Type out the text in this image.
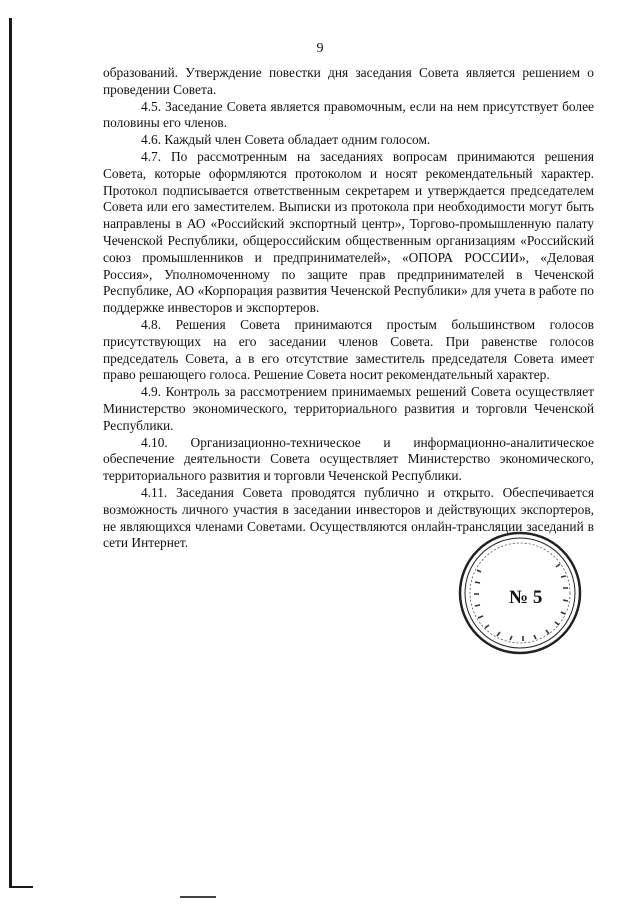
9

образований. Утверждение повестки дня заседания Совета является решением о проведении Совета.

4.5. Заседание Совета является правомочным, если на нем присутствует более половины его членов.

4.6. Каждый член Совета обладает одним голосом.

4.7. По рассмотренным на заседаниях вопросам принимаются решения Совета, которые оформляются протоколом и носят рекомендательный характер. Протокол подписывается ответственным секретарем и утверждается председателем Совета или его заместителем. Выписки из протокола при необходимости могут быть направлены в АО «Российский экспортный центр», Торгово-промышленную палату Чеченской Республики, общероссийским общественным организациям «Российский союз промышленников и предпринимателей», «ОПОРА РОССИИ», «Деловая Россия», Уполномоченному по защите прав предпринимателей в Чеченской Республике, АО «Корпорация развития Чеченской Республики» для учета в работе по поддержке инвесторов и экспортеров.

4.8. Решения Совета принимаются простым большинством голосов присутствующих на его заседании членов Совета. При равенстве голосов председатель Совета, а в его отсутствие заместитель председателя Совета имеет право решающего голоса. Решение Совета носит рекомендательный характер.

4.9. Контроль за рассмотрением принимаемых решений Совета осуществляет Министерство экономического, территориального развития и торговли Чеченской Республики.

4.10. Организационно-техническое и информационно-аналитическое обеспечение деятельности Совета осуществляет Министерство экономического, территориального развития и торговли Чеченской Республики.

4.11. Заседания Совета проводятся публично и открыто. Обеспечивается возможность личного участия в заседании инвесторов и действующих экспортеров, не являющихся членами Советами. Осуществляются онлайн-трансляции заседаний в сети Интернет.

№ 5
